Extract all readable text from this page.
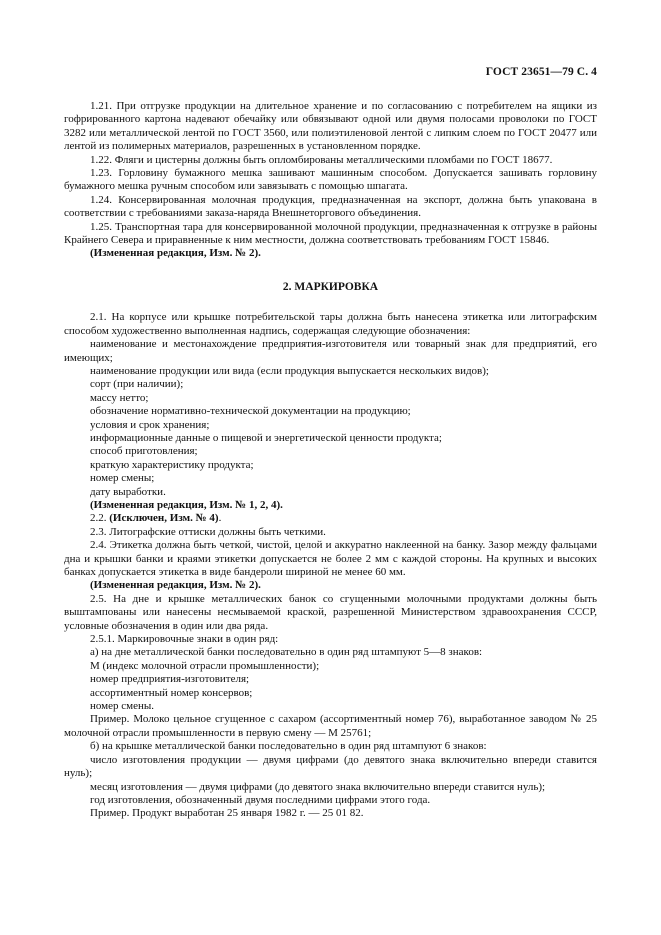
ГОСТ 23651—79 С. 4

1.21. При отгрузке продукции на длительное хранение и по согласованию с потребителем на ящики из гофрированного картона надевают обечайку или обвязывают одной или двумя полосами проволоки по ГОСТ 3282 или металлической лентой по ГОСТ 3560, или полиэтиленовой лентой с липким слоем по ГОСТ 20477 или лентой из полимерных материалов, разрешенных в установленном порядке.

1.22. Фляги и цистерны должны быть опломбированы металлическими пломбами по ГОСТ 18677.

1.23. Горловину бумажного мешка зашивают машинным способом. Допускается зашивать горловину бумажного мешка ручным способом или завязывать с помощью шпагата.

1.24. Консервированная молочная продукция, предназначенная на экспорт, должна быть упакована в соответствии с требованиями заказа-наряда Внешнеторгового объединения.

1.25. Транспортная тара для консервированной молочной продукции, предназначенная к отгрузке в районы Крайнего Севера и приравненные к ним местности, должна соответствовать требованиям ГОСТ 15846.

(Измененная редакция, Изм. № 2).

2. МАРКИРОВКА

2.1. На корпусе или крышке потребительской тары должна быть нанесена этикетка или литографским способом художественно выполненная надпись, содержащая следующие обозначения:

наименование и местонахождение предприятия-изготовителя или товарный знак для предприятий, его имеющих;

наименование продукции или вида (если продукция выпускается нескольких видов);

сорт (при наличии);

массу нетто;

обозначение нормативно-технической документации на продукцию;

условия и срок хранения;

информационные данные о пищевой и энергетической ценности продукта;

способ приготовления;

краткую характеристику продукта;

номер смены;

дату выработки.

(Измененная редакция, Изм. № 1, 2, 4).

2.2. (Исключен, Изм. № 4).

2.3. Литографские оттиски должны быть четкими.

2.4. Этикетка должна быть четкой, чистой, целой и аккуратно наклеенной на банку. Зазор между фальцами дна и крышки банки и краями этикетки допускается не более 2 мм с каждой стороны. На крупных и высоких банках допускается этикетка в виде бандероли шириной не менее 60 мм.

(Измененная редакция, Изм. № 2).

2.5. На дне и крышке металлических банок со сгущенными молочными продуктами должны быть выштампованы или нанесены несмываемой краской, разрешенной Министерством здравоохранения СССР, условные обозначения в один или два ряда.

2.5.1. Маркировочные знаки в один ряд:

а) на дне металлической банки последовательно в один ряд штампуют 5—8 знаков:

М (индекс молочной отрасли промышленности);

номер предприятия-изготовителя;

ассортиментный номер консервов;

номер смены.

Пример. Молоко цельное сгущенное с сахаром (ассортиментный номер 76), выработанное заводом № 25 молочной отрасли промышленности в первую смену — М 25761;

б) на крышке металлической банки последовательно в один ряд штампуют 6 знаков:

число изготовления продукции — двумя цифрами (до девятого знака включительно впереди ставится нуль);

месяц изготовления — двумя цифрами (до девятого знака включительно впереди ставится нуль);

год изготовления, обозначенный двумя последними цифрами этого года.

Пример. Продукт выработан 25 января 1982 г. — 25 01 82.
